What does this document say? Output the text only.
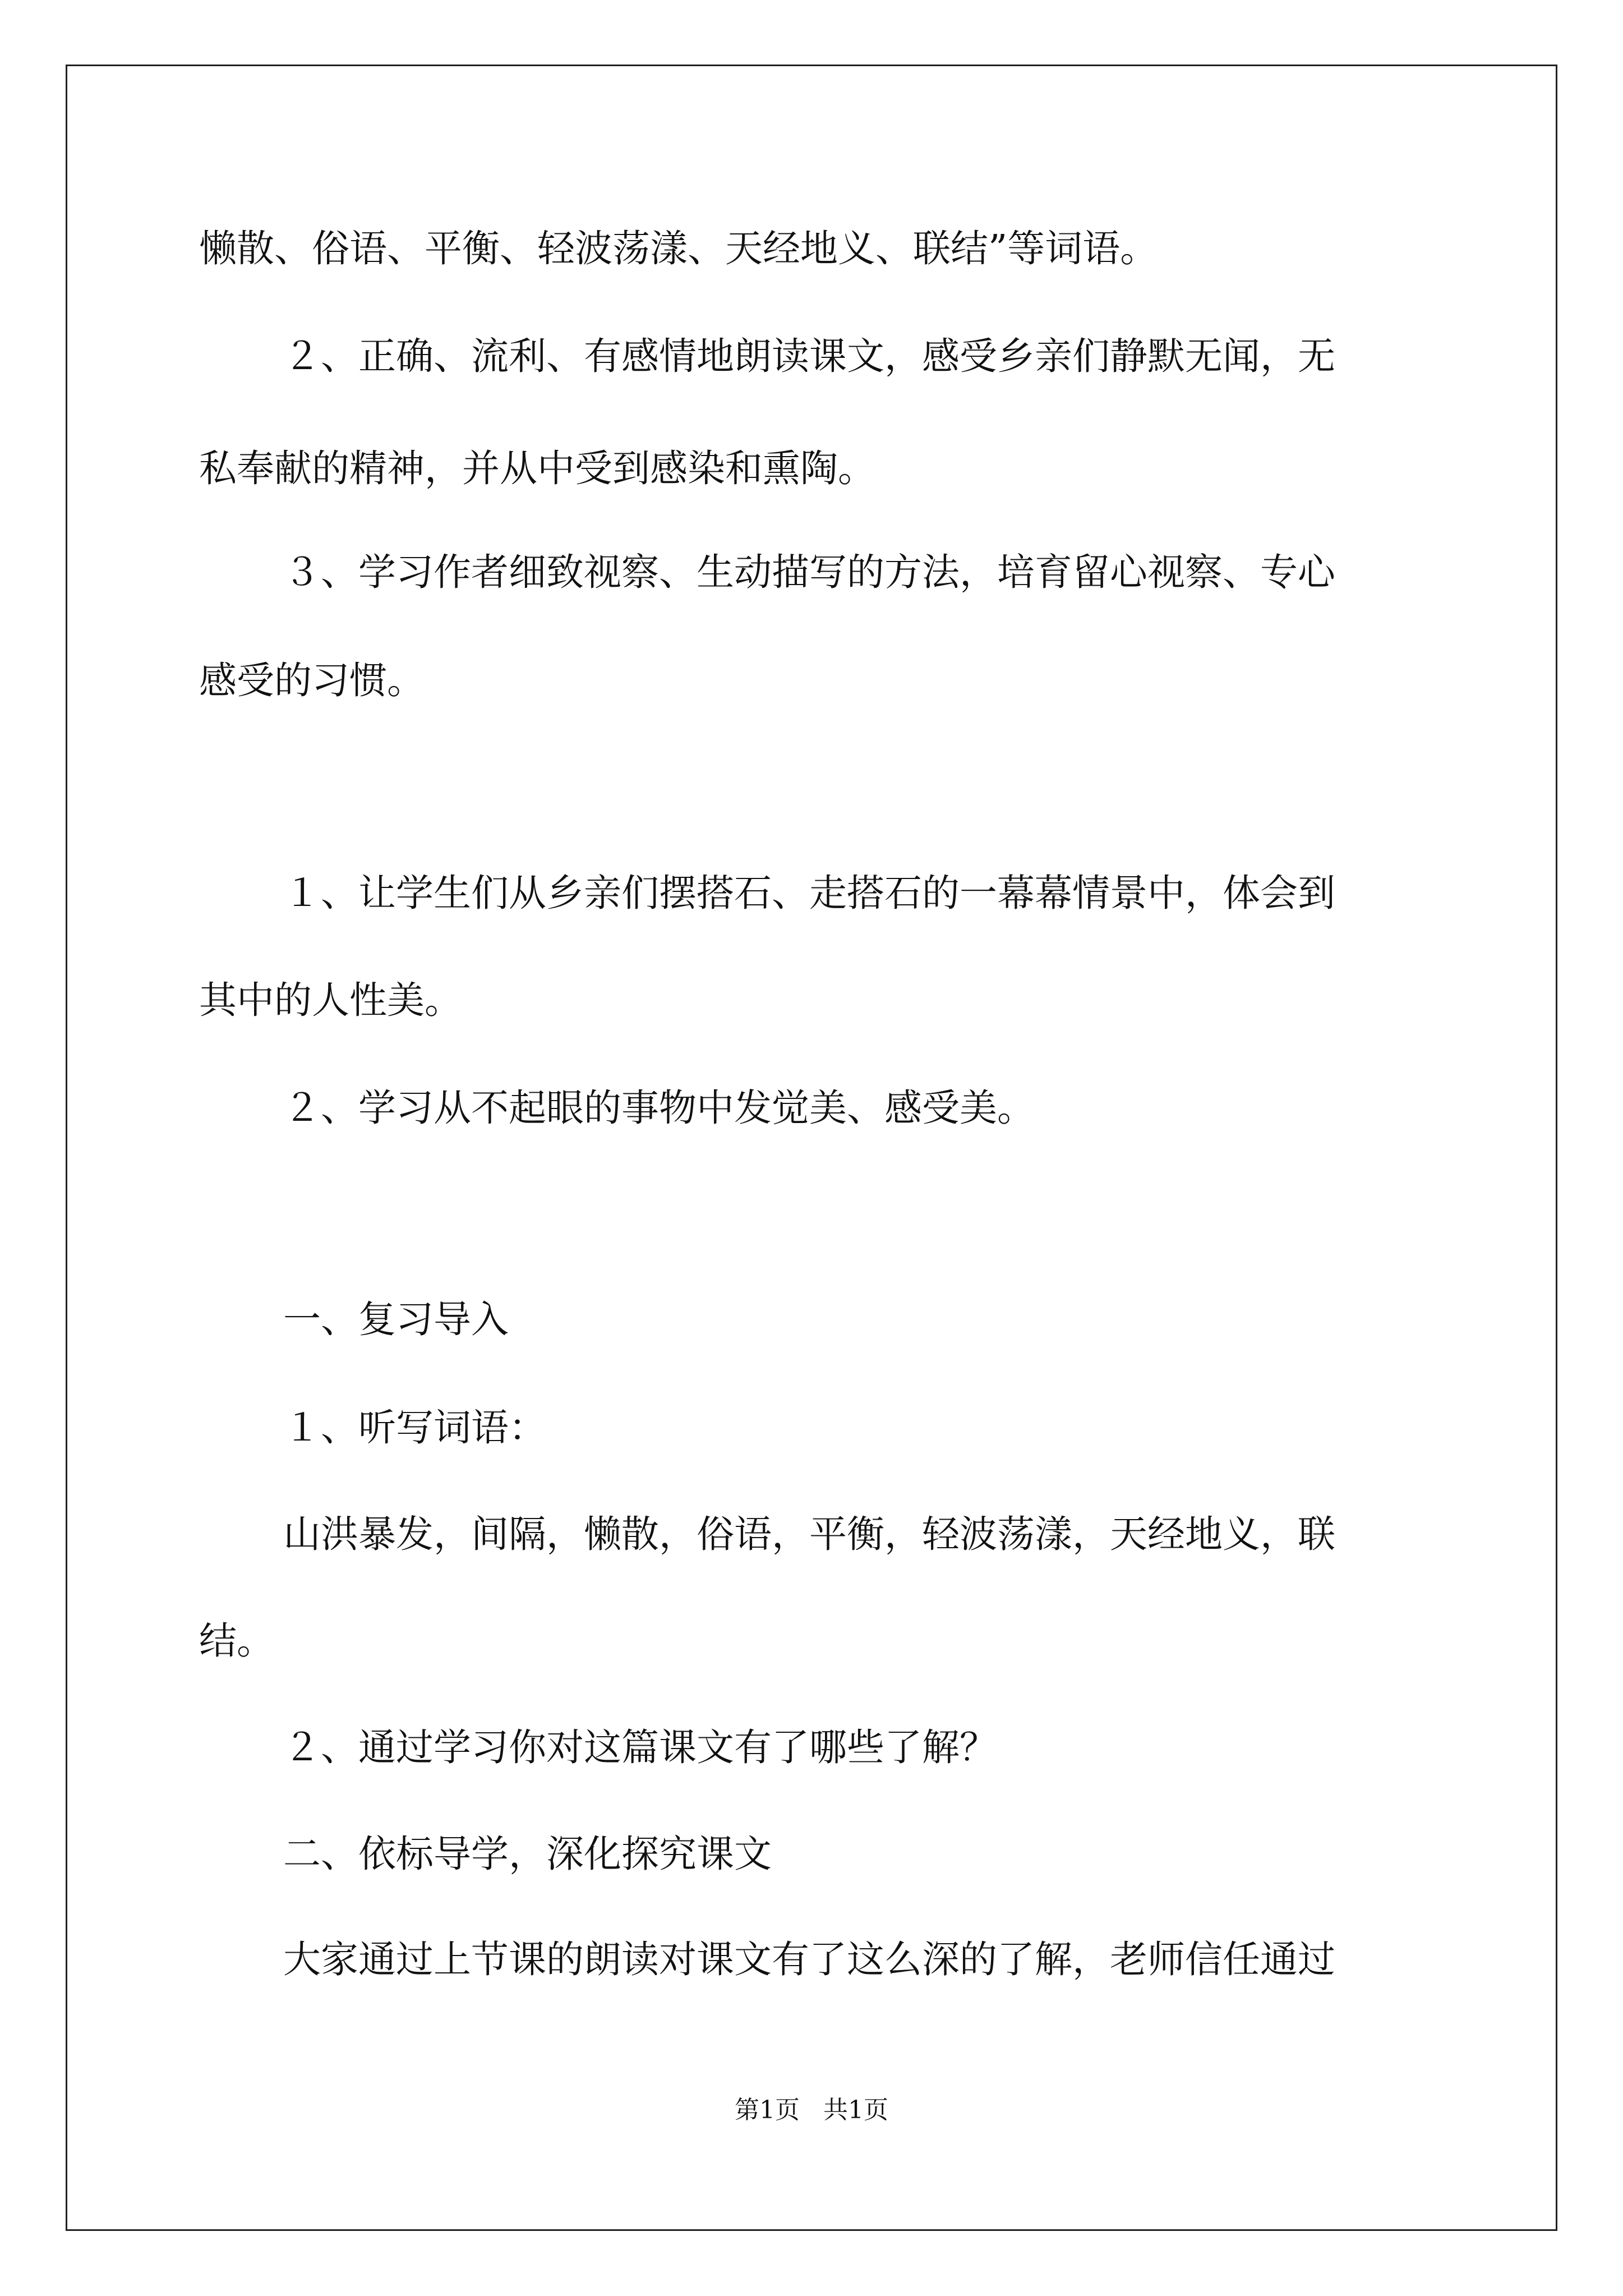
懒散、俗语、平衡、轻波荡漾、天经地义、联结”等词语。

２、正确、流利、有感情地朗读课文，感受乡亲们静默无闻，无

私奉献的精神，并从中受到感染和熏陶。

３、学习作者细致视察、生动描写的方法，培育留心视察、专心

感受的习惯。

１、让学生们从乡亲们摆搭石、走搭石的一幕幕情景中，体会到

其中的人性美。

２、学习从不起眼的事物中发觉美、感受美。

一、复习导入

１、听写词语：

山洪暴发，间隔，懒散，俗语，平衡，轻波荡漾，天经地义，联

结。

２、通过学习你对这篇课文有了哪些了解？

二、依标导学，深化探究课文

大家通过上节课的朗读对课文有了这么深的了解，老师信任通过

第1页   共1页
